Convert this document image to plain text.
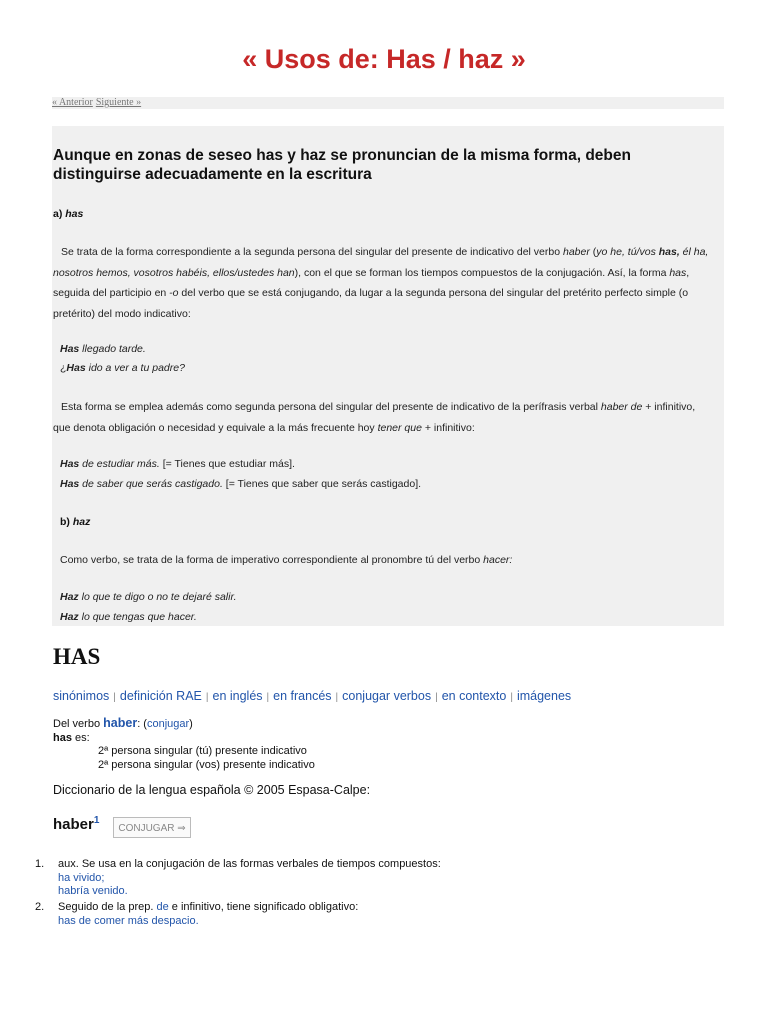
« Usos de: Has / haz »
« Anterior Siguiente »
Aunque en zonas de seseo has y haz se pronuncian de la misma forma, deben distinguirse adecuadamente en la escritura
a) has

Se trata de la forma correspondiente a la segunda persona del singular del presente de indicativo del verbo haber (yo he, tú/vos has, él ha, nosotros hemos, vosotros habéis, ellos/ustedes han), con el que se forman los tiempos compuestos de la conjugación. Así, la forma has, seguida del participio en -o del verbo que se está conjugando, da lugar a la segunda persona del singular del pretérito perfecto simple (o pretérito) del modo indicativo:

Has llegado tarde.
¿Has ido a ver a tu padre?

Esta forma se emplea además como segunda persona del singular del presente de indicativo de la perífrasis verbal haber de + infinitivo, que denota obligación o necesidad y equivale a la más frecuente hoy tener que + infinitivo:

Has de estudiar más. [= Tienes que estudiar más].
Has de saber que serás castigado. [= Tienes que saber que serás castigado].
b) haz

Como verbo, se trata de la forma de imperativo correspondiente al pronombre tú del verbo hacer:

Haz lo que te digo o no te dejaré salir.
Haz lo que tengas que hacer.
HAS
sinónimos | definición RAE | en inglés | en francés | conjugar verbos | en contexto | imágenes
Del verbo haber: (conjugar)
has es:
2ª persona singular (tú) presente indicativo
2ª persona singular (vos) presente indicativo
Diccionario de la lengua española © 2005 Espasa-Calpe:
haber$^1$
CONJUGAR ⇒
1. aux. Se usa en la conjugación de las formas verbales de tiempos compuestos:
ha vivido;
habría venido.
2. Seguido de la prep. de e infinitivo, tiene significado obligativo:
has de comer más despacio.
